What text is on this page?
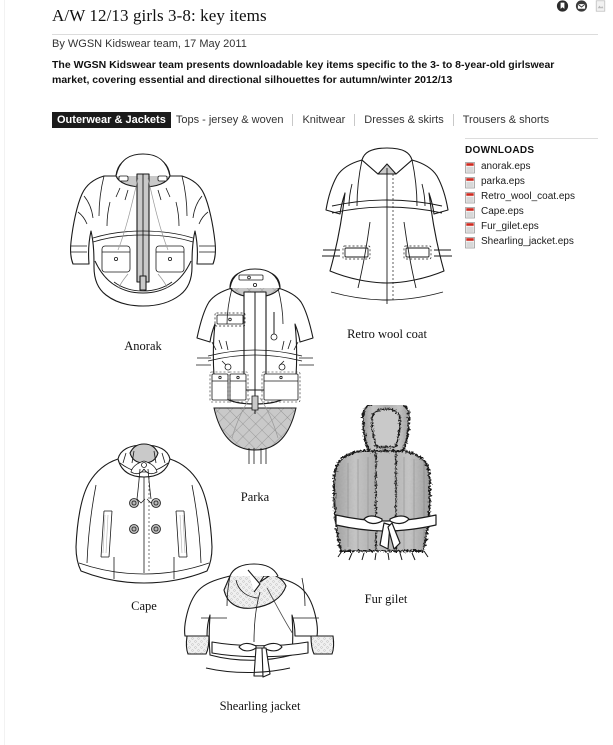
A/W 12/13 girls 3-8: key items
By WGSN Kidswear team, 17 May 2011
The WGSN Kidswear team presents downloadable key items specific to the 3- to 8-year-old girlswear market, covering essential and directional silhouettes for autumn/winter 2012/13
Outerwear & Jackets Tops - jersey & woven	Knitwear	Dresses & skirts	Trousers & shorts
DOWNLOADS
anorak.eps
parka.eps
Retro_wool_coat.eps
Cape.eps
Fur_gilet.eps
Shearling_jacket.eps
Anorak
Retro wool coat
Parka
Cape	Fur gilet
Shearling jacket
